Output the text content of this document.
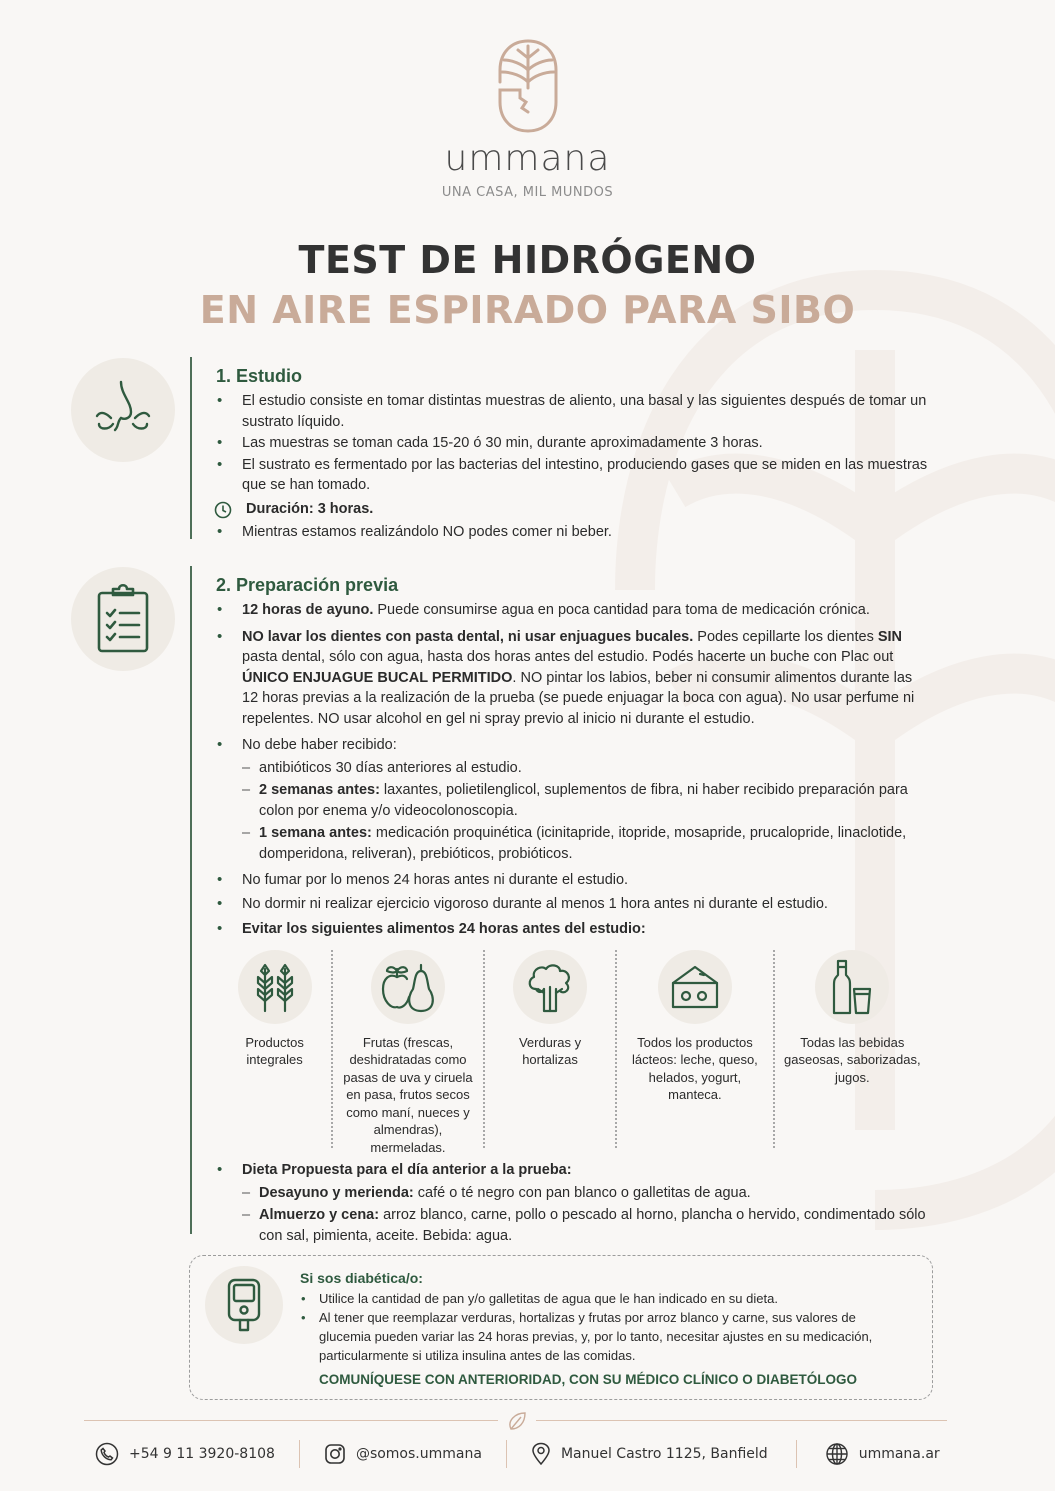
ummana
UNA CASA, MIL MUNDOS
TEST DE HIDRÓGENO
EN AIRE ESPIRADO PARA SIBO
1. Estudio
• El estudio consiste en tomar distintas muestras de aliento, una basal y las siguientes después de tomar un sustrato líquido.
• Las muestras se toman cada 15-20 ó 30 min, durante aproximadamente 3 horas.
• El sustrato es fermentado por las bacterias del intestino, produciendo gases que se miden en las muestras que se han tomado.
Duración: 3 horas.
• Mientras estamos realizándolo NO podes comer ni beber.
2. Preparación previa
• 12 horas de ayuno. Puede consumirse agua en poca cantidad para toma de medicación crónica.
• NO lavar los dientes con pasta dental, ni usar enjuagues bucales. Podes cepillarte los dientes SIN pasta dental, sólo con agua, hasta dos horas antes del estudio. Podés hacerte un buche con Plac out ÚNICO ENJUAGUE BUCAL PERMITIDO. NO pintar los labios, beber ni consumir alimentos durante las 12 horas previas a la realización de la prueba (se puede enjuagar la boca con agua). No usar perfume ni repelentes. NO usar alcohol en gel ni spray previo al inicio ni durante el estudio.
• No debe haber recibido:
– antibióticos 30 días anteriores al estudio.
– 2 semanas antes: laxantes, polietilenglicol, suplementos de fibra, ni haber recibido preparación para colon por enema y/o videocolonoscopia.
– 1 semana antes: medicación proquinética (icinitapride, itopride, mosapride, prucalopride, linaclotide, domperidona, reliveran), prebióticos, probióticos.
• No fumar por lo menos 24 horas antes ni durante el estudio.
• No dormir ni realizar ejercicio vigoroso durante al menos 1 hora antes ni durante el estudio.
• Evitar los siguientes alimentos 24 horas antes del estudio:
Productos integrales
Frutas (frescas, deshidratadas como pasas de uva y ciruela en pasa, frutos secos como maní, nueces y almendras), mermeladas.
Verduras y hortalizas
Todos los productos lácteos: leche, queso, helados, yogurt, manteca.
Todas las bebidas gaseosas, saborizadas, jugos.
• Dieta Propuesta para el día anterior a la prueba:
– Desayuno y merienda: café o té negro con pan blanco o galletitas de agua.
– Almuerzo y cena: arroz blanco, carne, pollo o pescado al horno, plancha o hervido, condimentado sólo con sal, pimienta, aceite. Bebida: agua.
Si sos diabética/o:
• Utilice la cantidad de pan y/o galletitas de agua que le han indicado en su dieta.
• Al tener que reemplazar verduras, hortalizas y frutas por arroz blanco y carne, sus valores de glucemia pueden variar las 24 horas previas, y, por lo tanto, necesitar ajustes en su medicación, particularmente si utiliza insulina antes de las comidas.
COMUNÍQUESE CON ANTERIORIDAD, CON SU MÉDICO CLÍNICO O DIABETÓLOGO
+54 9 11 3920-8108	@somos.ummana	Manuel Castro 1125, Banfield	ummana.ar
